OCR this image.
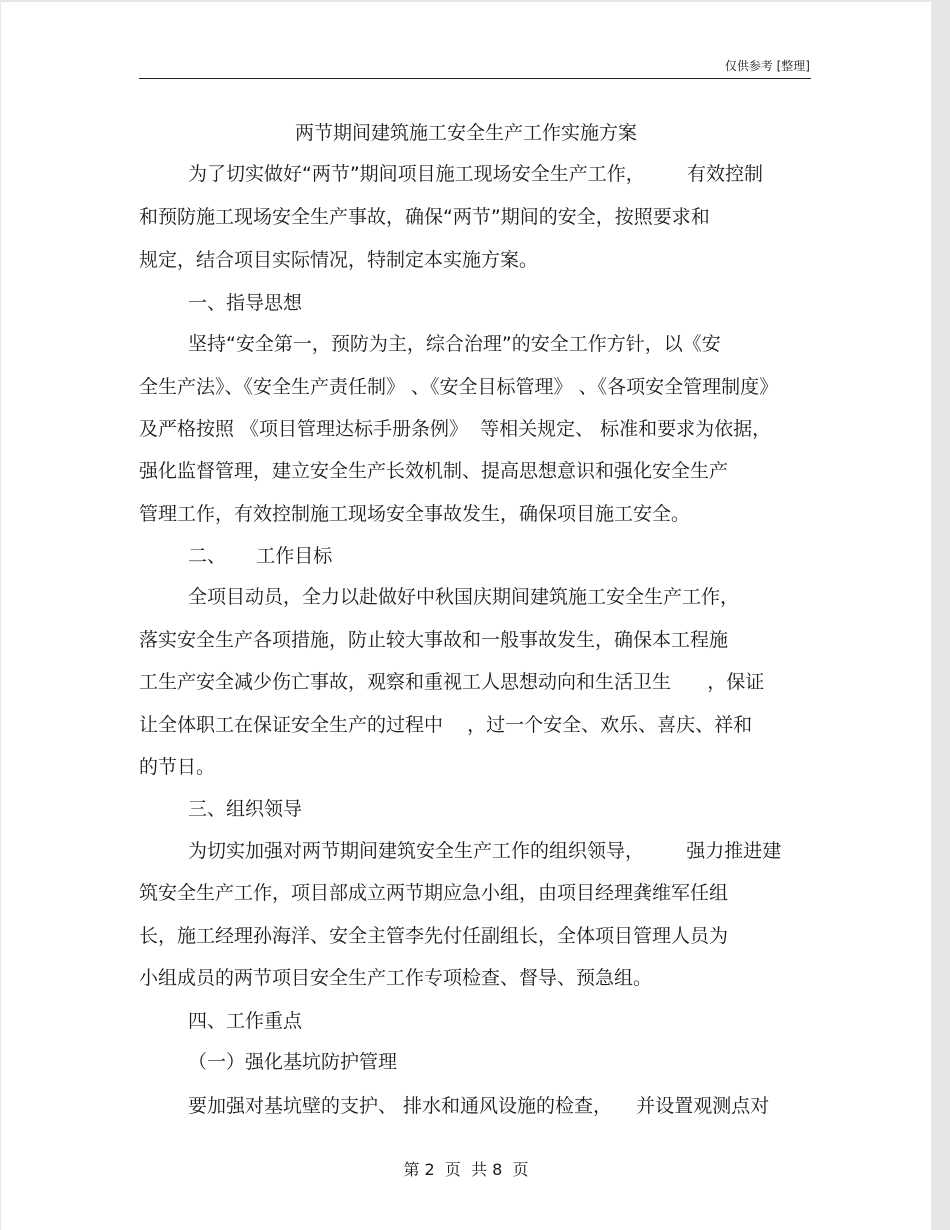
仅供参考 [整理]
两节期间建筑施工安全生产工作实施方案
为了切实做好“两节”期间项目施工现场安全生产工作，       有效控制
和预防施工现场安全生产事故，确保“两节”期间的安全，按照要求和
规定，结合项目实际情况，特制定本实施方案。
一、指导思想
坚持“安全第一，预防为主，综合治理”的安全工作方针，以《安
全生产法》、《安全生产责任制》 、《安全目标管理》 、《各项安全管理制度》
及严格按照 《项目管理达标手册条例》  等相关规定、 标准和要求为依据，
强化监督管理，建立安全生产长效机制、提高思想意识和强化安全生产
管理工作，有效控制施工现场安全事故发生，确保项目施工安全。
二、     工作目标
全项目动员，全力以赴做好中秋国庆期间建筑施工安全生产工作，
落实安全生产各项措施，防止较大事故和一般事故发生，确保本工程施
工生产安全减少伤亡事故，观察和重视工人思想动向和生活卫生      ，保证
让全体职工在保证安全生产的过程中    ，过一个安全、欢乐、喜庆、祥和
的节日。
三、组织领导
为切实加强对两节期间建筑安全生产工作的组织领导，       强力推进建
筑安全生产工作，项目部成立两节期应急小组，由项目经理龚维军任组
长，施工经理孙海洋、安全主管李先付任副组长，全体项目管理人员为
小组成员的两节项目安全生产工作专项检查、督导、预急组。
四、工作重点
（一）强化基坑防护管理
要加强对基坑壁的支护、 排水和通风设施的检查，    并设置观测点对
第 2  页  共 8  页
